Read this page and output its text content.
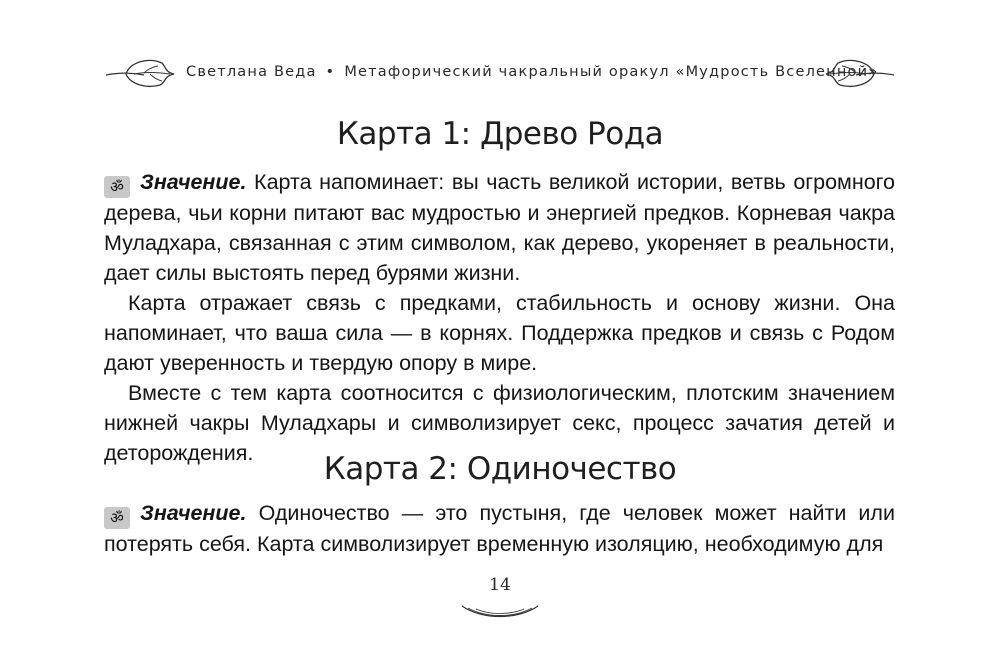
Светлана Веда • Метафорический чакральный оракул «Мудрость Вселенной»
Карта 1: Древо Рода

ॐ Значение. Карта напоминает: вы часть великой истории, ветвь огромного дерева, чьи корни питают вас мудростью и энергией предков. Корневая чакра Муладхара, связанная с этим символом, как дерево, укореняет в реальности, дает силы выстоять перед бурями жизни.

Карта отражает связь с предками, стабильность и основу жизни. Она напоминает, что ваша сила — в корнях. Поддержка предков и связь с Родом дают уверенность и твердую опору в мире.

Вместе с тем карта соотносится с физиологическим, плотским значением нижней чакры Муладхары и символизирует секс, процесс зачатия детей и деторождения.	Карта 2: Одиночество

ॐ Значение. Одиночество — это пустыня, где человек может найти или потерять себя. Карта символизирует временную изоляцию, необходимую для

14
